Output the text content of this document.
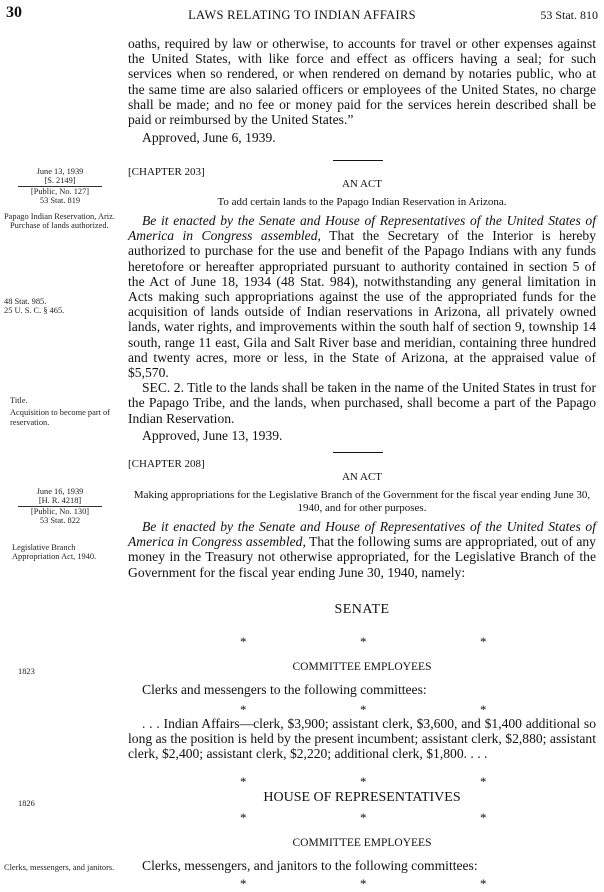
30	LAWS RELATING TO INDIAN AFFAIRS	53 Stat. 810

oaths, required by law or otherwise, to accounts for travel or other expenses against the United States, with like force and effect as officers having a seal; for such services when so rendered, or when rendered on demand by notaries public, who at the same time are also salaried officers or employees of the United States, no charge shall be made; and no fee or money paid for the services herein described shall be paid or reimbursed by the United States.”

Approved, June 6, 1939.

[CHAPTER 203]
AN ACT
To add certain lands to the Papago Indian Reservation in Arizona.

Be it enacted by the Senate and House of Representatives of the United States of America in Congress assembled, That the Secretary of the Interior is hereby authorized to purchase for the use and benefit of the Papago Indians with any funds heretofore or hereafter appropriated pursuant to authority contained in section 5 of the Act of June 18, 1934 (48 Stat. 984), notwithstanding any general limitation in Acts making such appropriations against the use of the appropriated funds for the acquisition of lands outside of Indian reservations in Arizona, all privately owned lands, water rights, and improvements within the south half of section 9, township 14 south, range 11 east, Gila and Salt River base and meridian, containing three hundred and twenty acres, more or less, in the State of Arizona, at the appraised value of $5,570.

SEC. 2. Title to the lands shall be taken in the name of the United States in trust for the Papago Tribe, and the lands, when purchased, shall become a part of the Papago Indian Reservation.

Approved, June 13, 1939.

June 13, 1939
[S. 2149]
[Public, No. 127]
53 Stat. 819
Papago Indian Reservation, Ariz.
Purchase of lands authorized.
48 Stat. 985.
25 U. S. C. § 465.
Title.
Acquisition to become part of reservation.
[CHAPTER 208]
AN ACT
Making appropriations for the Legislative Branch of the Government for the fiscal year ending June 30, 1940, and for other purposes.

Be it enacted by the Senate and House of Representatives of the United States of America in Congress assembled, That the following sums are appropriated, out of any money in the Treasury not otherwise appropriated, for the Legislative Branch of the Government for the fiscal year ending June 30, 1940, namely:

June 16, 1939
[H. R. 4218]
[Public, No. 130]
53 Stat. 822
Legislative Branch Appropriation Act, 1940.
SENATE
*	*	*
1823	COMMITTEE EMPLOYEES
Clerks and messengers to the following committees:
*	*	*

. . . Indian Affairs—clerk, $3,900; assistant clerk, $3,600, and $1,400 additional so long as the position is held by the present incumbent; assistant clerk, $2,880; assistant clerk, $2,400; assistant clerk, $2,220; additional clerk, $1,800. . . .

*	*	*
1826	HOUSE OF REPRESENTATIVES
*	*	*
COMMITTEE EMPLOYEES
Clerks, messengers, and janitors. Clerks, messengers, and janitors to the following committees:
*	*	*
